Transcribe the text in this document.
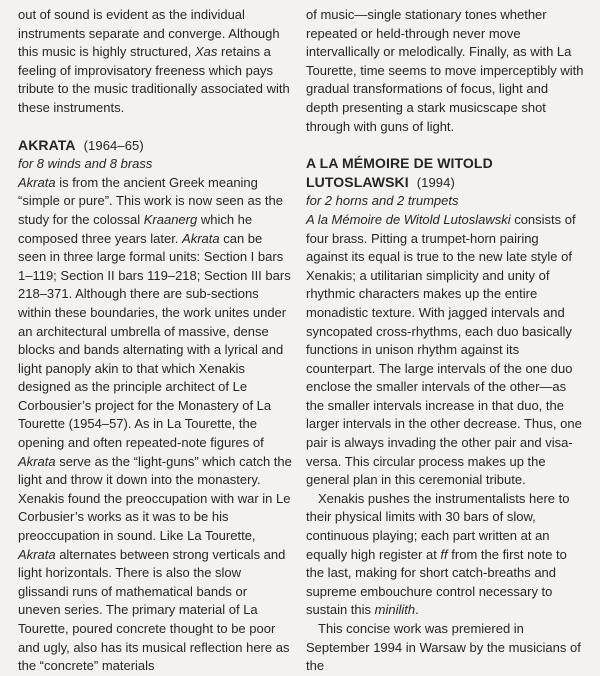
out of sound is evident as the individual instruments separate and converge. Although this music is highly structured, Xas retains a feeling of improvisatory freeness which pays tribute to the music traditionally associated with these instruments.

AKRATA (1964–65)

for 8 winds and 8 brass

Akrata is from the ancient Greek meaning “simple or pure”. This work is now seen as the study for the colossal Kraanerg which he composed three years later. Akrata can be seen in three large formal units: Section I bars 1–119; Section II bars 119–218; Section III bars 218–371. Although there are sub-sections within these boundaries, the work unites under an architectural umbrella of massive, dense blocks and bands alternating with a lyrical and light panoply akin to that which Xenakis designed as the principle architect of Le Corbousier’s project for the Monastery of La Tourette (1954–57). As in La Tourette, the opening and often repeated-note figures of Akrata serve as the “light-guns” which catch the light and throw it down into the monastery. Xenakis found the preoccupation with war in Le Corbusier’s works as it was to be his preoccupation in sound. Like La Tourette, Akrata alternates between strong verticals and light horizontals. There is also the slow glissandi runs of mathematical bands or uneven series. The primary material of La Tourette, poured concrete thought to be poor and ugly, also has its musical reflection here as the “concrete” materials

of music—single stationary tones whether repeated or held-through never move intervallically or melodically. Finally, as with La Tourette, time seems to move imperceptibly with gradual transformations of focus, light and depth presenting a stark musicscape shot through with guns of light.

A LA MÉMOIRE DE WITOLD LUTOSLAWSKI (1994)

for 2 horns and 2 trumpets

A la Mémoire de Witold Lutoslawski consists of four brass. Pitting a trumpet-horn pairing against its equal is true to the new late style of Xenakis; a utilitarian simplicity and unity of rhythmic characters makes up the entire monadistic texture. With jagged intervals and syncopated cross-rhythms, each duo basically functions in unison rhythm against its counterpart. The large intervals of the one duo enclose the smaller intervals of the other—as the smaller intervals increase in that duo, the larger intervals in the other decrease. Thus, one pair is always invading the other pair and visa-versa. This circular process makes up the general plan in this ceremonial tribute.

Xenakis pushes the instrumentalists here to their physical limits with 30 bars of slow, continuous playing; each part written at an equally high register at ff from the first note to the last, making for short catch-breaths and supreme embouchure control necessary to sustain this minilith.

This concise work was premiered in September 1994 in Warsaw by the musicians of the
